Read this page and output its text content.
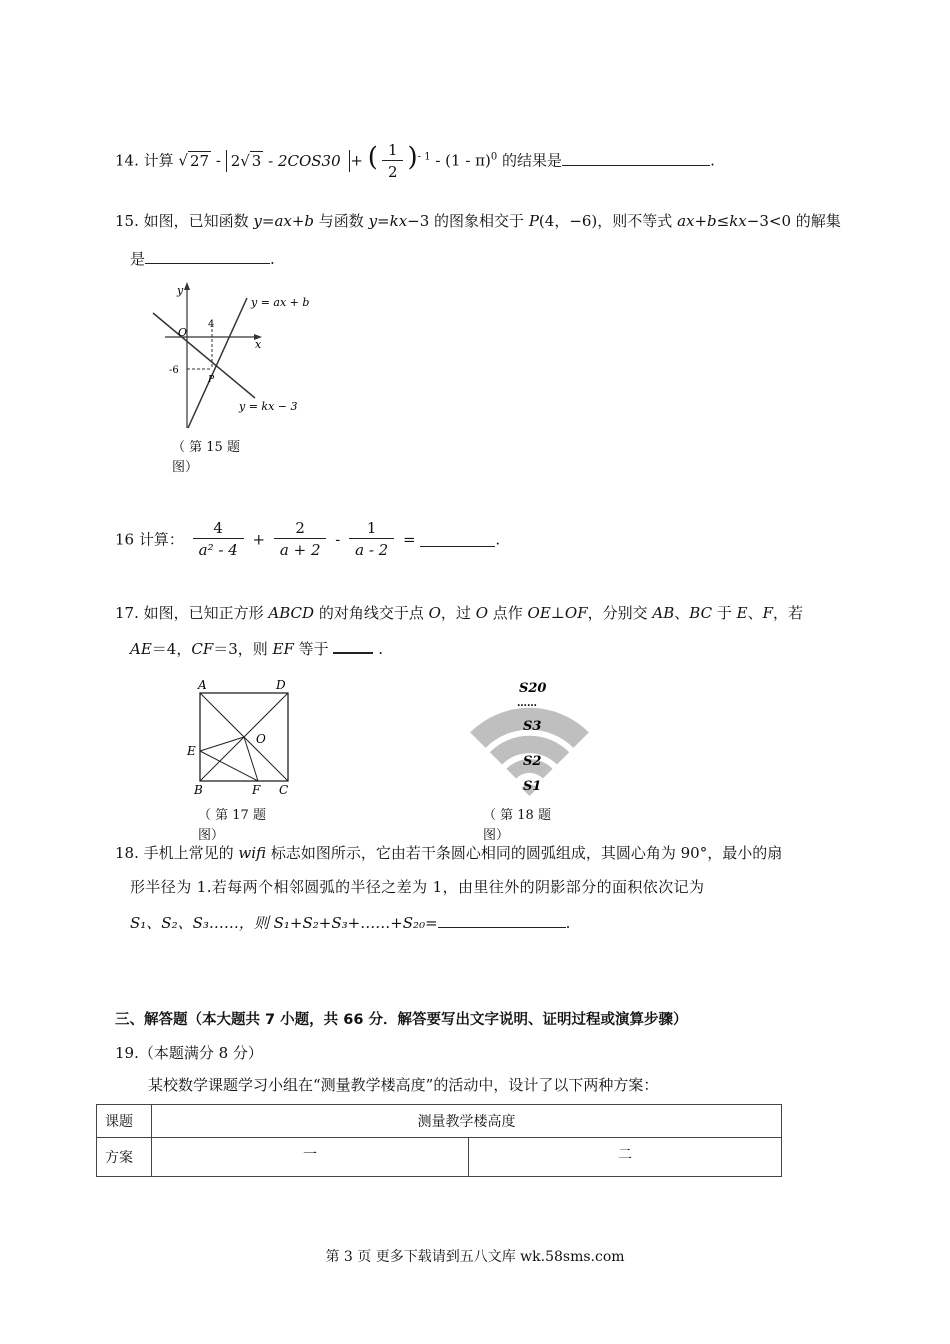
14. 计算 √ 27 - 2√ 3 - 2COS30 + ( $\frac{1}{2} )^{- 1} - (1 - \pi)^0$ 的结果是	.
15. 如图，已知函数 y=ax+b 与函数 y=kx−3 的图象相交于 P(4，−6)，则不等式 ax+b≤kx−3<0 的解集
是	.
y
x
O
4
-6
P
y = ax + b
y = kx − 3
（ 第 15 题
图）
16 计算： $\frac{4}{\text{a² - 4}} + \frac{2}{a + 2} - \frac{1}{a - 2}$ =	.
17. 如图，已知正方形 ABCD 的对角线交于点 O，过 O 点作 OE⊥OF，分别交 AB、BC 于 E、F，若
AE＝4，CF＝3，则 EF 等于	.
A	D
E
O
B	F C
（ 第 17 题
图）
S20
……
S3
S2
S1
（ 第 18 题
图）
18. 手机上常见的 wifi 标志如图所示，它由若干条圆心相同的圆弧组成，其圆心角为 90°，最小的扇
形半径为 1.若每两个相邻圆弧的半径之差为 1，由里往外的阴影部分的面积依次记为
S₁、S₂、S₃……，则 S₁+S₂+S₃+……+S₂₀=	.
三、解答题（本大题共 7 小题，共 66 分．解答要写出文字说明、证明过程或演算步骤）
19.（本题满分 8 分）
某校数学课题学习小组在“测量教学楼高度”的活动中，设计了以下两种方案：
课题	测量教学楼高度	
方案	一	二
第 3 页 更多下载请到五八文库 wk.58sms.com
